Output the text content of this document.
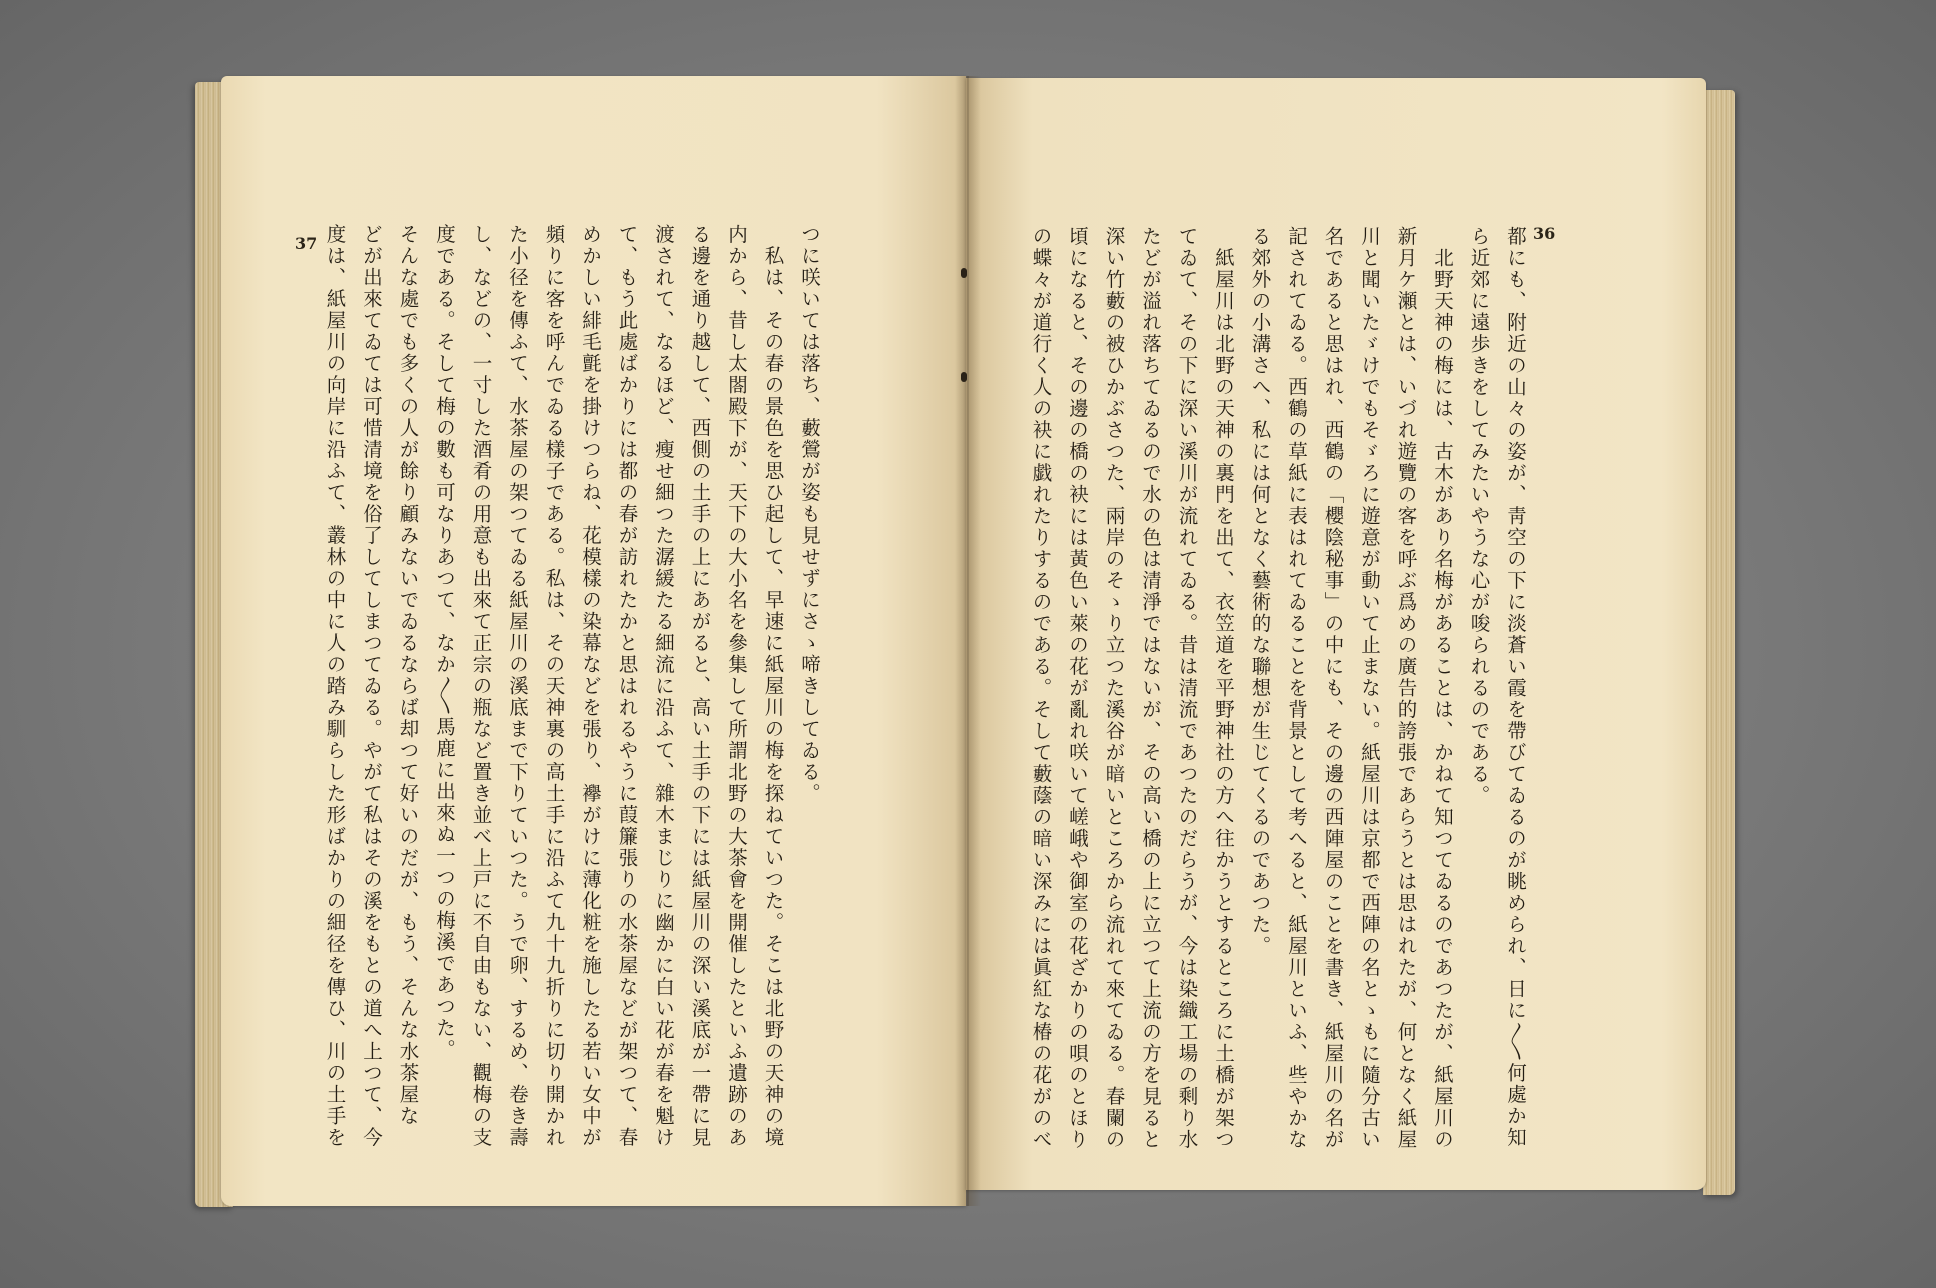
つに咲いては落ち、藪鶯が姿も見せずにさゝ啼きしてゐる。
　私は、その春の景色を思ひ起して、早速に紙屋川の梅を探ねていつた。そこは北野の天神の境
内から、昔し太閤殿下が、天下の大小名を參集して所謂北野の大茶會を開催したといふ遺跡のあ
る邊を通り越して、西側の土手の上にあがると、高い土手の下には紙屋川の深い溪底が一帶に見
渡されて、なるほど、瘦せ細つた潺緩たる細流に沿ふて、雜木まじりに幽かに白い花が春を魁け
て、もう此處ばかりには都の春が訪れたかと思はれるやうに葭簾張りの水茶屋などが架つて、春
めかしい緋毛氈を掛けつらね、花模樣の染幕などを張り、襷がけに薄化粧を施したる若い女中が
頻りに客を呼んでゐる樣子である。私は、その天神裏の高土手に沿ふて九十九折りに切り開かれ
た小径を傳ふて、水茶屋の架つてゐる紙屋川の溪底まで下りていつた。うで卵、するめ、卷き壽
し、などの、一寸した酒肴の用意も出來て正宗の瓶など置き並べ上戸に不自由もない、觀梅の支
度である。そして梅の數も可なりあつて、なか〳〵馬鹿に出來ぬ一つの梅溪であつた。
そんな處でも多くの人が餘り顧みないでゐるならば却つて好いのだが、もう、そんな水茶屋な
どが出來てゐては可惜清境を俗了してしまつてゐる。やがて私はその溪をもとの道へ上つて、今
度は、紙屋川の向岸に沿ふて、叢林の中に人の踏み馴らした形ばかりの細径を傳ひ、川の土手を	都にも、附近の山々の姿が、靑空の下に淡蒼い霞を帶びてゐるのが眺められ、日に〳〵何處か知
ら近郊に遠歩きをしてみたいやうな心が唆られるのである。
　北野天神の梅には、古木があり名梅があることは、かねて知つてゐるのであつたが、紙屋川の
新月ケ瀬とは、いづれ遊覽の客を呼ぶ爲めの廣告的誇張であらうとは思はれたが、何となく紙屋
川と聞いたゞけでもそゞろに遊意が動いて止まない。紙屋川は京都で西陣の名とゝもに隨分古い
名であると思はれ、西鶴の「櫻陰秘事」の中にも、その邊の西陣屋のことを書き、紙屋川の名が
記されてゐる。西鶴の草紙に表はれてゐることを背景として考へると、紙屋川といふ、些やかな
る郊外の小溝さへ、私には何となく藝術的な聯想が生じてくるのであつた。
　紙屋川は北野の天神の裏門を出て、衣笠道を平野神社の方へ往かうとするところに土橋が架つ
てゐて、その下に深い溪川が流れてゐる。昔は清流であつたのだらうが、今は染織工場の剩り水
たどが溢れ落ちてゐるので水の色は清淨ではないが、その高い橋の上に立つて上流の方を見ると
深い竹藪の被ひかぶさつた、兩岸のそゝり立つた溪谷が暗いところから流れて來てゐる。春闌の
頃になると、その邊の橋の袂には黃色い萊の花が亂れ咲いて嵯峨や御室の花ざかりの唄のとほり
の蝶々が道行く人の袂に戯れたりするのである。そして藪蔭の暗い深みには眞紅な椿の花がのべ
37
36
